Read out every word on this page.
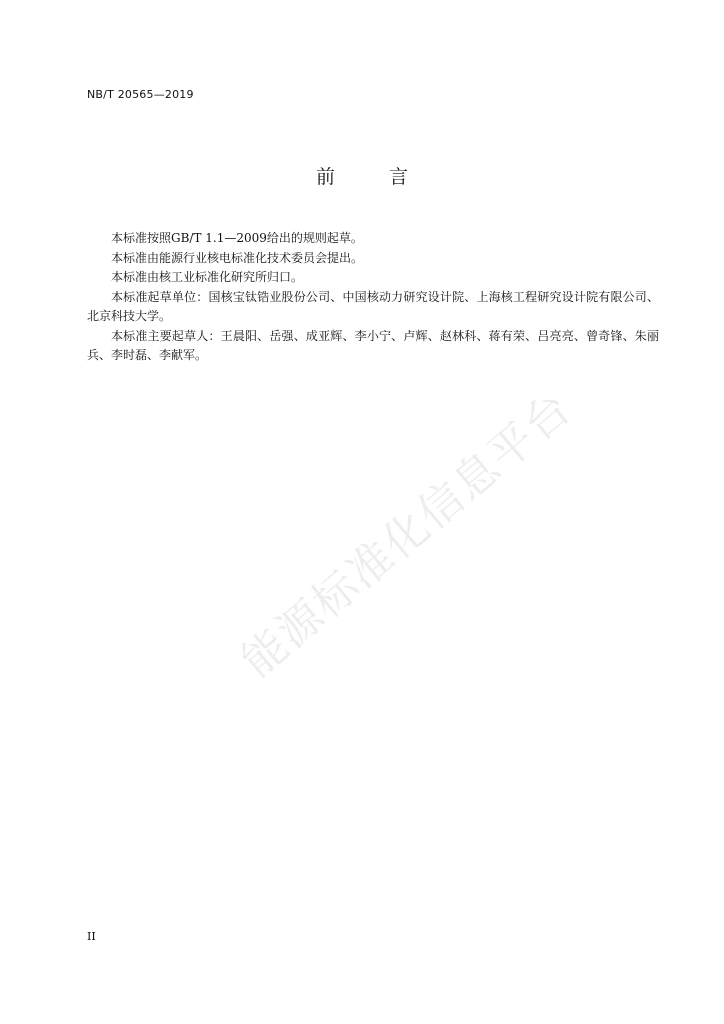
NB/T 20565—2019
前 言

本标准按照GB/T 1.1—2009给出的规则起草。

本标准由能源行业核电标准化技术委员会提出。

本标准由核工业标准化研究所归口。

本标准起草单位：国核宝钛锆业股份公司、中国核动力研究设计院、上海核工程研究设计院有限公司、北京科技大学。

本标准主要起草人：王晨阳、岳强、成亚辉、李小宁、卢辉、赵林科、蒋有荣、吕亮亮、曾奇锋、朱丽兵、李时磊、李献军。

能源标准化信息平台
II
